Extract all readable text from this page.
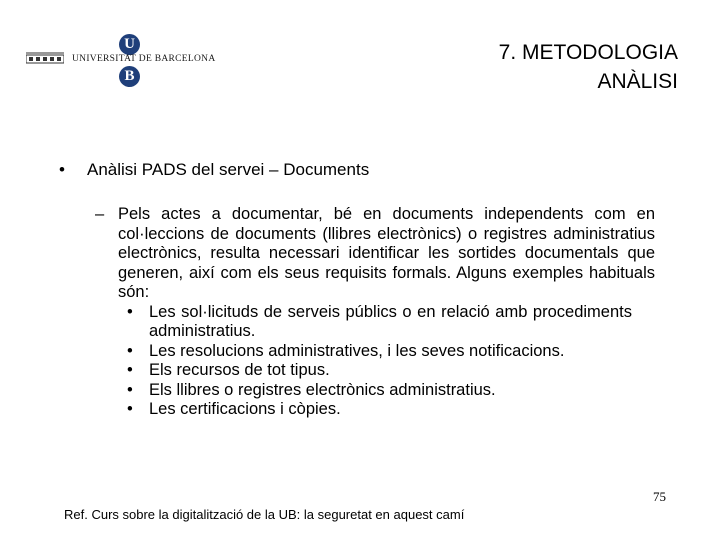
U
UNIVERSITAT DE BARCELONA
B
7. METODOLOGIA
ANÀLISI
• Anàlisi PADS del servei – Documents
– Pels actes a documentar, bé en documents independents com en col·leccions de documents (llibres electrònics) o registres administratius electrònics, resulta necessari identificar les sortides documentals que generen, així com els seus requisits formals. Alguns exemples habituals són:
• Les sol·licituds de serveis públics o en relació amb procediments administratius.
• Les resolucions administratives, i les seves notificacions.
• Els recursos de tot tipus.
• Els llibres o registres electrònics administratius.
• Les certificacions i còpies.
75
Ref. Curs sobre la digitalització de la UB: la seguretat en aquest camí
